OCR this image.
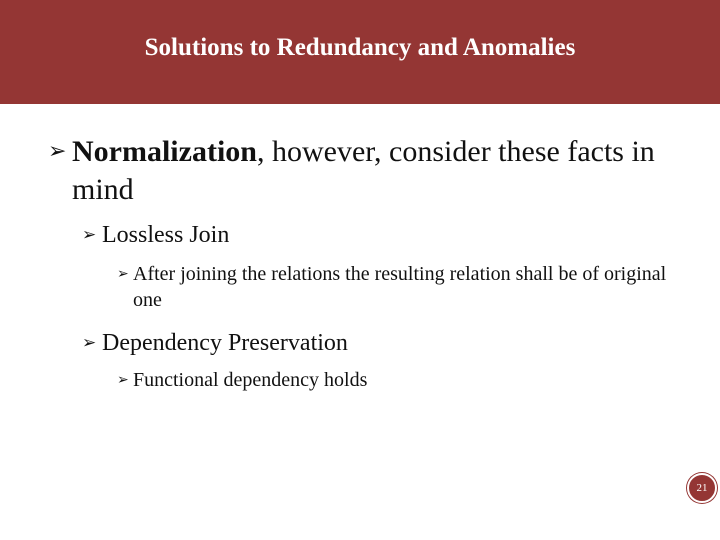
Solutions to Redundancy and Anomalies
➢ Normalization, however, consider these facts in mind
➢ Lossless Join
➢ After joining the relations the resulting relation shall be of original one
➢ Dependency Preservation
➢ Functional dependency holds
21
